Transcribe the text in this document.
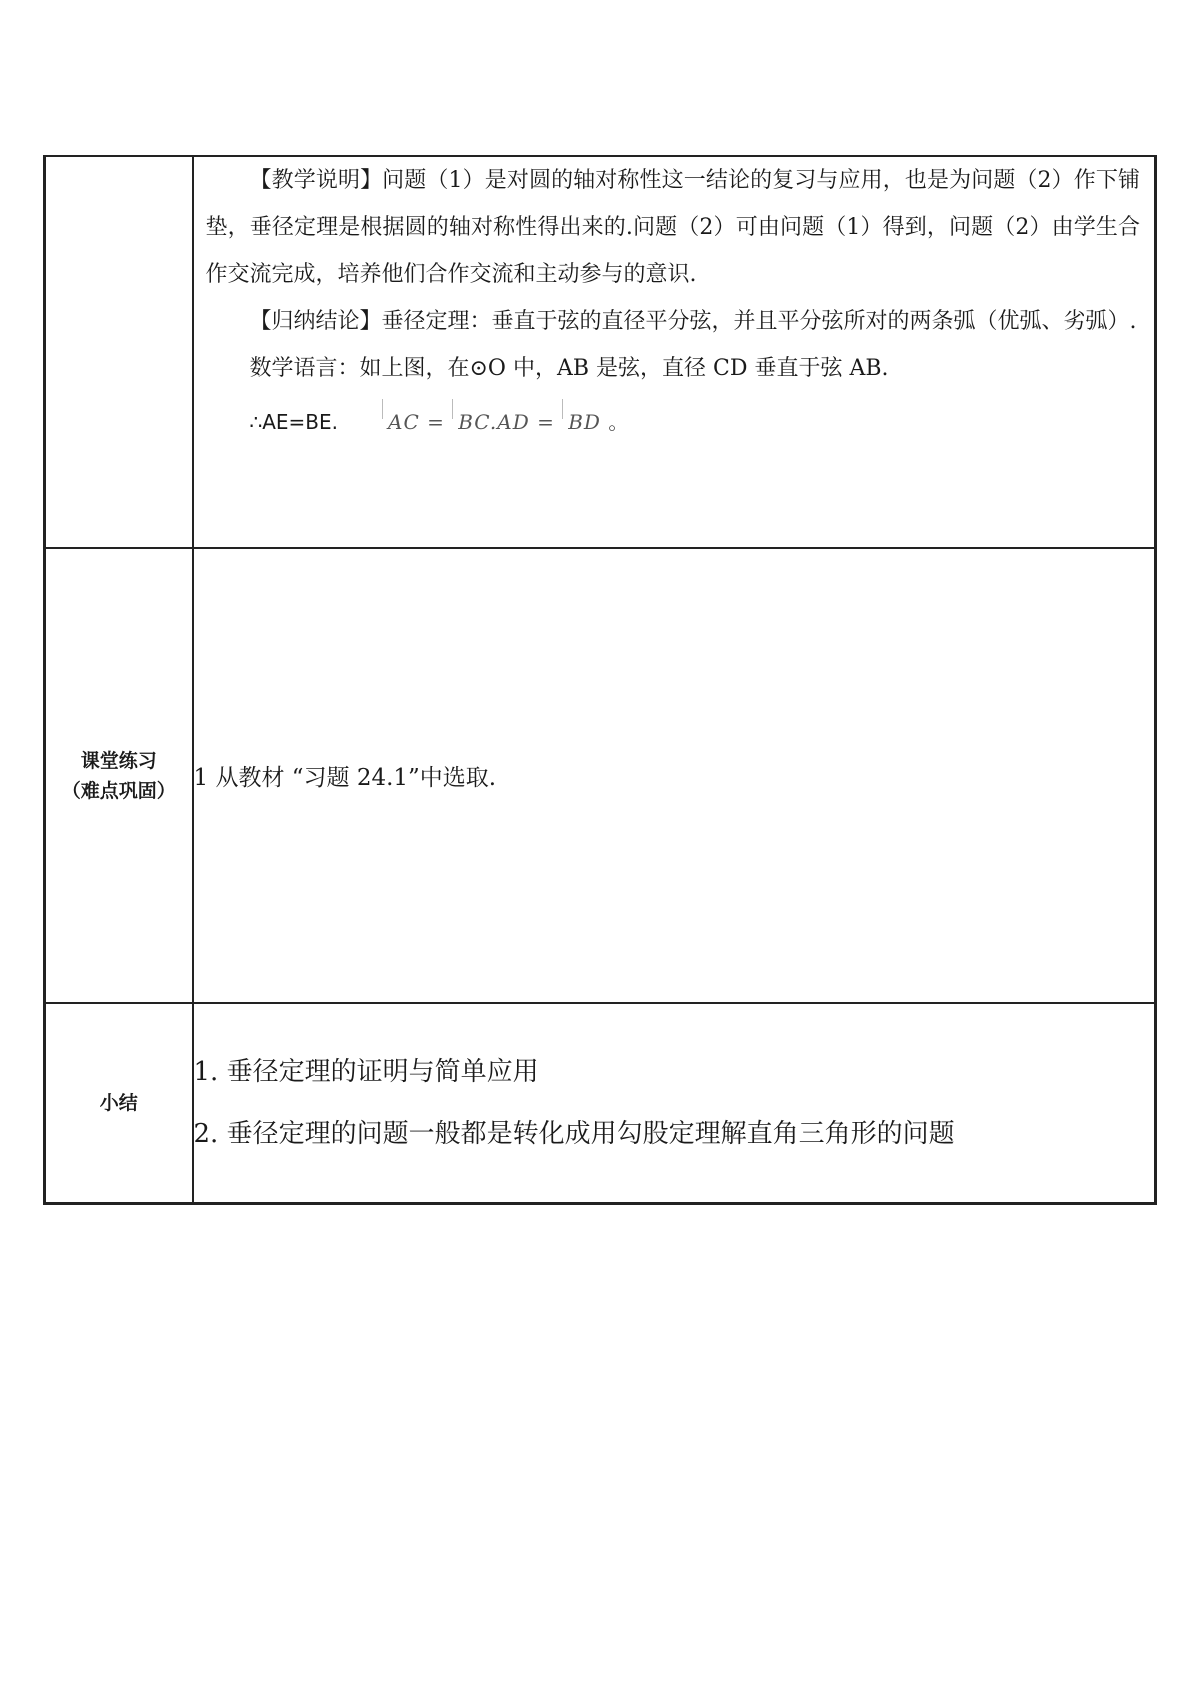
	【教学说明】问题（1）是对圆的轴对称性这一结论的复习与应用，也是为问题（2）作下铺垫，垂径定理是根据圆的轴对称性得出来的.问题（2）可由问题（1）得到，问题（2）由学生合作交流完成，培养他们合作交流和主动参与的意识.

【归纳结论】垂径定理：垂直于弦的直径平分弦，并且平分弦所对的两条弧（优弧、劣弧）.

数学语言：如上图，在⊙O 中，AB 是弦，直径 CD 垂直于弦 AB.

∴AE=BE. AC = BC.AD = BD 。

课堂练习
（难点巩固）	1 从教材 “习题 24.1”中选取.
小结	1. 垂径定理的证明与简单应用
2. 垂径定理的问题一般都是转化成用勾股定理解直角三角形的问题
